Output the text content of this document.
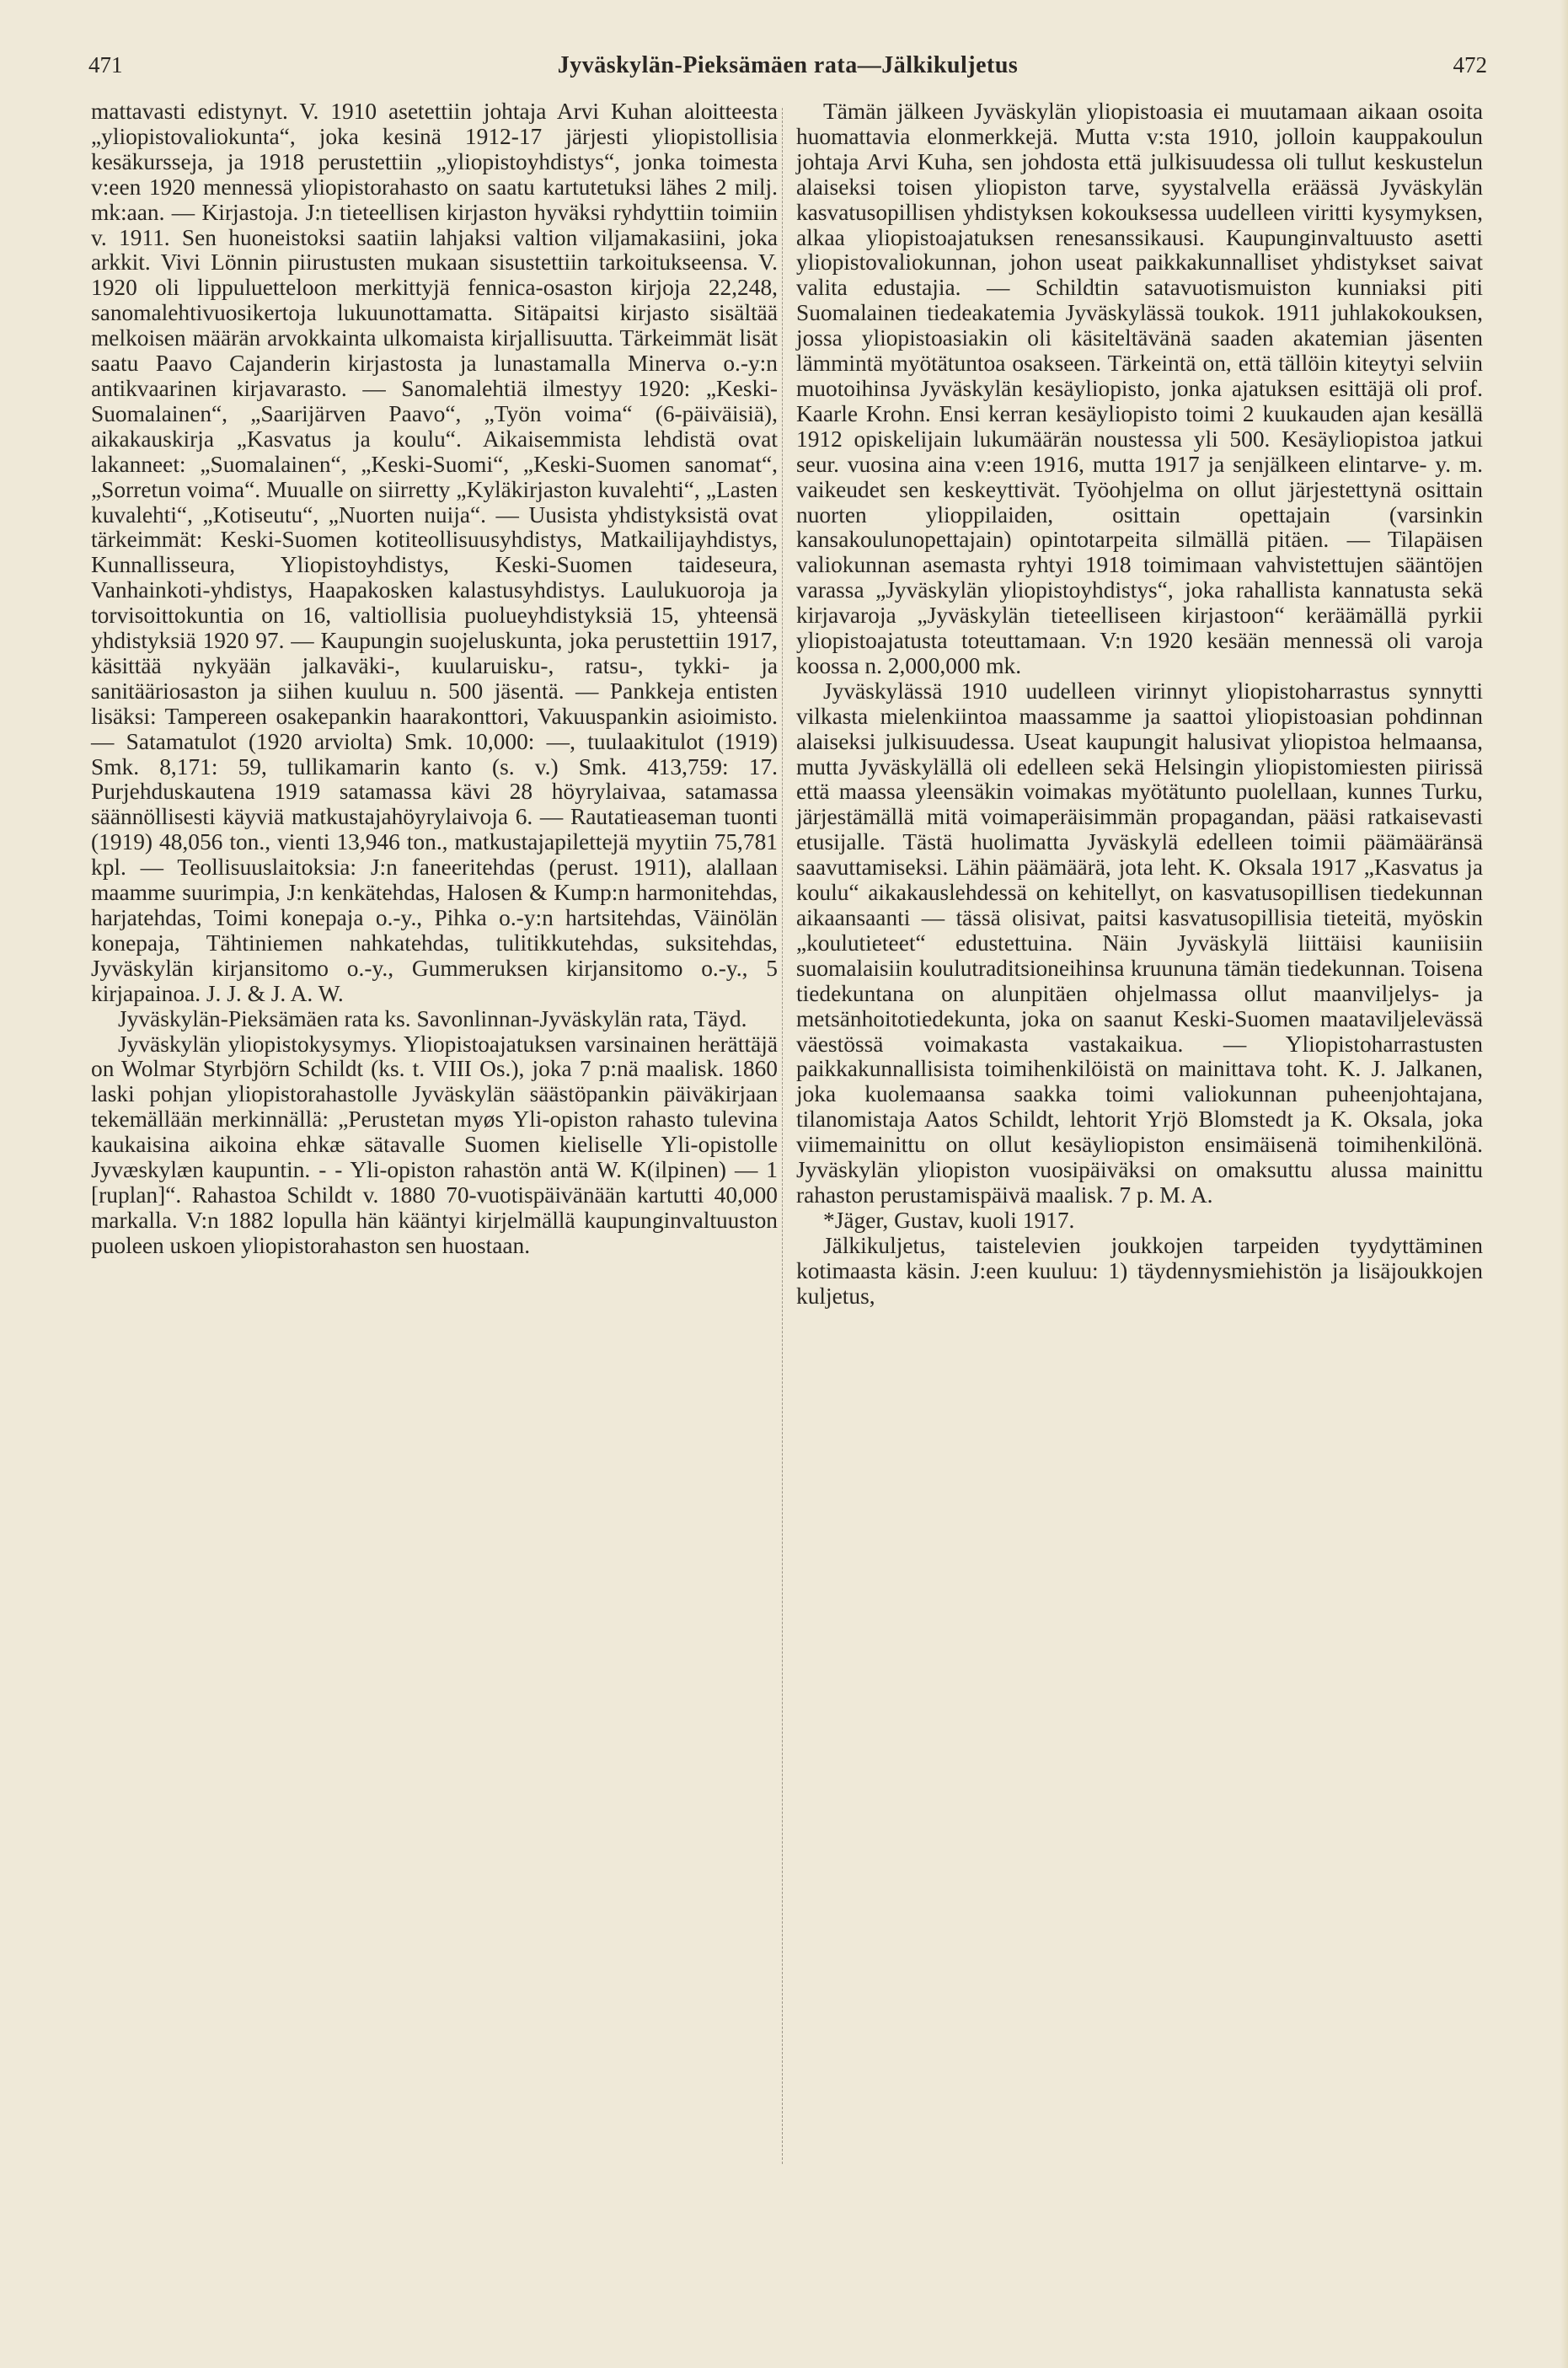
471	Jyväskylän-Pieksämäen rata—Jälkikuljetus	472

mattavasti edistynyt. V. 1910 asetettiin johtaja Arvi Kuhan aloitteesta „yliopistovaliokunta“, joka kesinä 1912-17 järjesti yliopistollisia kesäkursseja, ja 1918 perustettiin „yliopistoyhdistys“, jonka toimesta v:een 1920 mennessä yliopistorahasto on saatu kartutetuksi lähes 2 milj. mk:aan. — Kirjastoja. J:n tieteellisen kirjaston hyväksi ryhdyttiin toimiin v. 1911. Sen huoneistoksi saatiin lahjaksi valtion viljamakasiini, joka arkkit. Vivi Lönnin piirustusten mukaan sisustettiin tarkoitukseensa. V. 1920 oli lippuluetteloon merkittyjä fennica-osaston kirjoja 22,248, sanomalehtivuosikertoja lukuunottamatta. Sitäpaitsi kirjasto sisältää melkoisen määrän arvokkainta ulkomaista kirjallisuutta. Tärkeimmät lisät saatu Paavo Cajanderin kirjastosta ja lunastamalla Minerva o.-y:n antikvaarinen kirjavarasto. — Sanomalehtiä ilmestyy 1920: „Keski-Suomalainen“, „Saarijärven Paavo“, „Työn voima“ (6-päiväisiä), aikakauskirja „Kasvatus ja koulu“. Aikaisemmista lehdistä ovat lakanneet: „Suomalainen“, „Keski-Suomi“, „Keski-Suomen sanomat“, „Sorretun voima“. Muualle on siirretty „Kyläkirjaston kuvalehti“, „Lasten kuvalehti“, „Kotiseutu“, „Nuorten nuija“. — Uusista yhdistyksistä ovat tärkeimmät: Keski-Suomen kotiteollisuusyhdistys, Matkailijayhdistys, Kunnallisseura, Yliopistoyhdistys, Keski-Suomen taideseura, Vanhainkoti-yhdistys, Haapakosken kalastusyhdistys. Laulukuoroja ja torvisoittokuntia on 16, valtiollisia puolueyhdistyksiä 15, yhteensä yhdistyksiä 1920 97. — Kaupungin suojeluskunta, joka perustettiin 1917, käsittää nykyään jalkaväki-, kuularuisku-, ratsu-, tykki- ja sanitääriosaston ja siihen kuuluu n. 500 jäsentä. — Pankkeja entisten lisäksi: Tampereen osakepankin haarakonttori, Vakuuspankin asioimisto. — Satamatulot (1920 arviolta) Smk. 10,000: —, tuulaakitulot (1919) Smk. 8,171: 59, tullikamarin kanto (s. v.) Smk. 413,759: 17. Purjehduskautena 1919 satamassa kävi 28 höyrylaivaa, satamassa säännöllisesti käyviä matkustajahöyrylaivoja 6. — Rautatieaseman tuonti (1919) 48,056 ton., vienti 13,946 ton., matkustajapilettejä myytiin 75,781 kpl. — Teollisuuslaitoksia: J:n faneeritehdas (perust. 1911), alallaan maamme suurimpia, J:n kenkätehdas, Halosen & Kump:n harmonitehdas, harjatehdas, Toimi konepaja o.-y., Pihka o.-y:n hartsitehdas, Väinölän konepaja, Tähtiniemen nahkatehdas, tulitikkutehdas, suksitehdas, Jyväskylän kirjansitomo o.-y., Gummeruksen kirjansitomo o.-y., 5 kirjapainoa. J. J. & J. A. W.

Jyväskylän-Pieksämäen rata ks. Savonlinnan-Jyväskylän rata, Täyd.

Jyväskylän yliopistokysymys. Yliopistoajatuksen varsinainen herättäjä on Wolmar Styrbjörn Schildt (ks. t. VIII Os.), joka 7 p:nä maalisk. 1860 laski pohjan yliopistorahastolle Jyväskylän säästöpankin päiväkirjaan tekemällään merkinnällä: „Perustetan myøs Yli-opiston rahasto tulevina kaukaisina aikoina ehkæ sätavalle Suomen kieliselle Yli-opistolle Jyvæskylæn kaupuntin. - - Yli-opiston rahastön antä W. K(ilpinen) — 1 [ruplan]“. Rahastoa Schildt v. 1880 70-vuotispäivänään kartutti 40,000 markalla. V:n 1882 lopulla hän kääntyi kirjelmällä kaupunginvaltuuston puoleen uskoen yliopistorahaston sen huostaan.

Tämän jälkeen Jyväskylän yliopistoasia ei muutamaan aikaan osoita huomattavia elonmerkkejä. Mutta v:sta 1910, jolloin kauppakoulun johtaja Arvi Kuha, sen johdosta että julkisuudessa oli tullut keskustelun alaiseksi toisen yliopiston tarve, syystalvella eräässä Jyväskylän kasvatusopillisen yhdistyksen kokouksessa uudelleen viritti kysymyksen, alkaa yliopistoajatuksen renesanssikausi. Kaupunginvaltuusto asetti yliopistovaliokunnan, johon useat paikkakunnalliset yhdistykset saivat valita edustajia. — Schildtin satavuotismuiston kunniaksi piti Suomalainen tiedeakatemia Jyväskylässä toukok. 1911 juhlakokouksen, jossa yliopistoasiakin oli käsiteltävänä saaden akatemian jäsenten lämmintä myötätuntoa osakseen. Tärkeintä on, että tällöin kiteytyi selviin muotoihinsa Jyväskylän kesäyliopisto, jonka ajatuksen esittäjä oli prof. Kaarle Krohn. Ensi kerran kesäyliopisto toimi 2 kuukauden ajan kesällä 1912 opiskelijain lukumäärän noustessa yli 500. Kesäyliopistoa jatkui seur. vuosina aina v:een 1916, mutta 1917 ja senjälkeen elintarve- y. m. vaikeudet sen keskeyttivät. Työohjelma on ollut järjestettynä osittain nuorten ylioppilaiden, osittain opettajain (varsinkin kansakoulunopettajain) opintotarpeita silmällä pitäen. — Tilapäisen valiokunnan asemasta ryhtyi 1918 toimimaan vahvistettujen sääntöjen varassa „Jyväskylän yliopistoyhdistys“, joka rahallista kannatusta sekä kirjavaroja „Jyväskylän tieteelliseen kirjastoon“ keräämällä pyrkii yliopistoajatusta toteuttamaan. V:n 1920 kesään mennessä oli varoja koossa n. 2,000,000 mk.

Jyväskylässä 1910 uudelleen virinnyt yliopistoharrastus synnytti vilkasta mielenkiintoa maassamme ja saattoi yliopistoasian pohdinnan alaiseksi julkisuudessa. Useat kaupungit halusivat yliopistoa helmaansa, mutta Jyväskylällä oli edelleen sekä Helsingin yliopistomiesten piirissä että maassa yleensäkin voimakas myötätunto puolellaan, kunnes Turku, järjestämällä mitä voimaperäisimmän propagandan, pääsi ratkaisevasti etusijalle. Tästä huolimatta Jyväskylä edelleen toimii päämääränsä saavuttamiseksi. Lähin päämäärä, jota leht. K. Oksala 1917 „Kasvatus ja koulu“ aikakauslehdessä on kehitellyt, on kasvatusopillisen tiedekunnan aikaansaanti — tässä olisivat, paitsi kasvatusopillisia tieteitä, myöskin „koulutieteet“ edustettuina. Näin Jyväskylä liittäisi kauniisiin suomalaisiin koulutraditsioneihinsa kruununa tämän tiedekunnan. Toisena tiedekuntana on alunpitäen ohjelmassa ollut maanviljelys- ja metsänhoitotiedekunta, joka on saanut Keski-Suomen maataviljelevässä väestössä voimakasta vastakaikua. — Yliopistoharrastusten paikkakunnallisista toimihenkilöistä on mainittava toht. K. J. Jalkanen, joka kuolemaansa saakka toimi valiokunnan puheenjohtajana, tilanomistaja Aatos Schildt, lehtorit Yrjö Blomstedt ja K. Oksala, joka viimemainittu on ollut kesäyliopiston ensimäisenä toimihenkilönä. Jyväskylän yliopiston vuosipäiväksi on omaksuttu alussa mainittu rahaston perustamispäivä maalisk. 7 p. M. A.

*Jäger, Gustav, kuoli 1917.

Jälkikuljetus, taistelevien joukkojen tarpeiden tyydyttäminen kotimaasta käsin. J:een kuuluu: 1) täydennysmiehistön ja lisäjoukkojen kuljetus,
